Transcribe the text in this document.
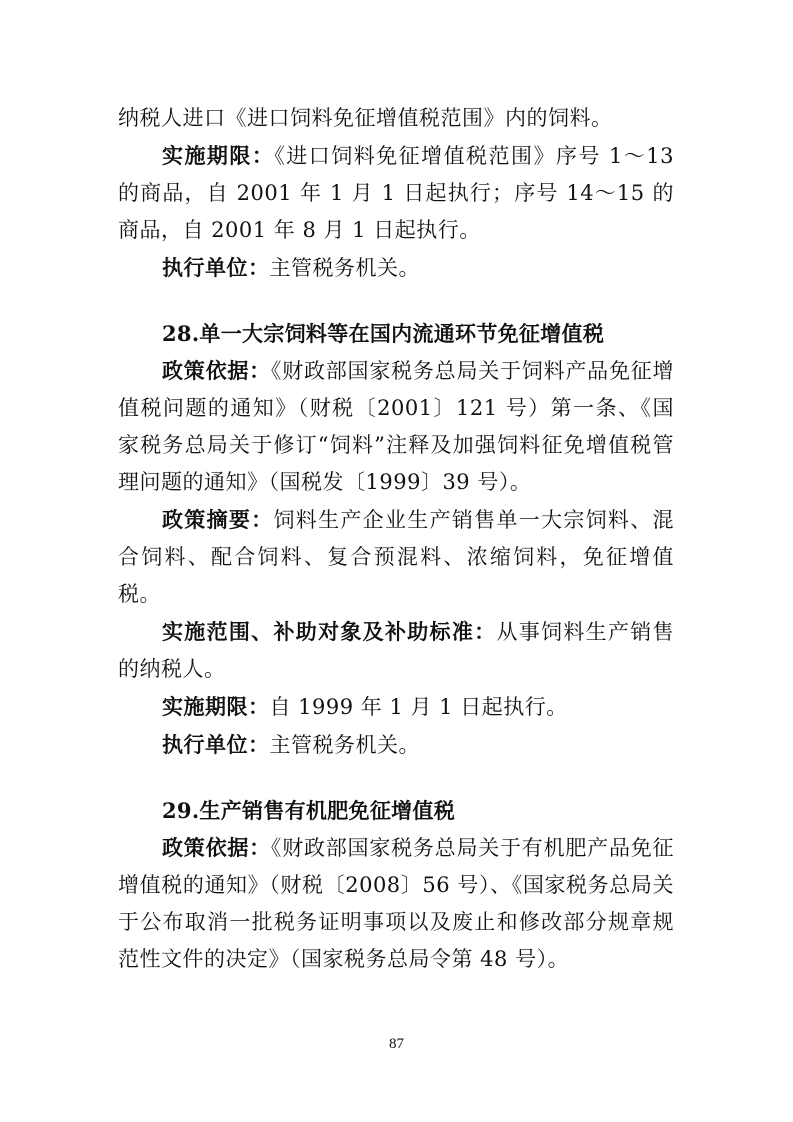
纳税人进口《进口饲料免征增值税范围》内的饲料。

实施期限：《进口饲料免征增值税范围》序号 1～13 的商品，自 2001 年 1 月 1 日起执行；序号 14～15 的商品，自 2001 年 8 月 1 日起执行。

执行单位：主管税务机关。

28.单一大宗饲料等在国内流通环节免征增值税

政策依据：《财政部国家税务总局关于饲料产品免征增值税问题的通知》（财税〔2001〕121 号）第一条、《国家税务总局关于修订“饲料”注释及加强饲料征免增值税管理问题的通知》（国税发〔1999〕39 号）。

政策摘要：饲料生产企业生产销售单一大宗饲料、混合饲料、配合饲料、复合预混料、浓缩饲料，免征增值税。

实施范围、补助对象及补助标准：从事饲料生产销售的纳税人。

实施期限：自 1999 年 1 月 1 日起执行。

执行单位：主管税务机关。

29.生产销售有机肥免征增值税

政策依据：《财政部国家税务总局关于有机肥产品免征增值税的通知》（财税〔2008〕56 号）、《国家税务总局关于公布取消一批税务证明事项以及废止和修改部分规章规范性文件的决定》（国家税务总局令第 48 号）。

87
